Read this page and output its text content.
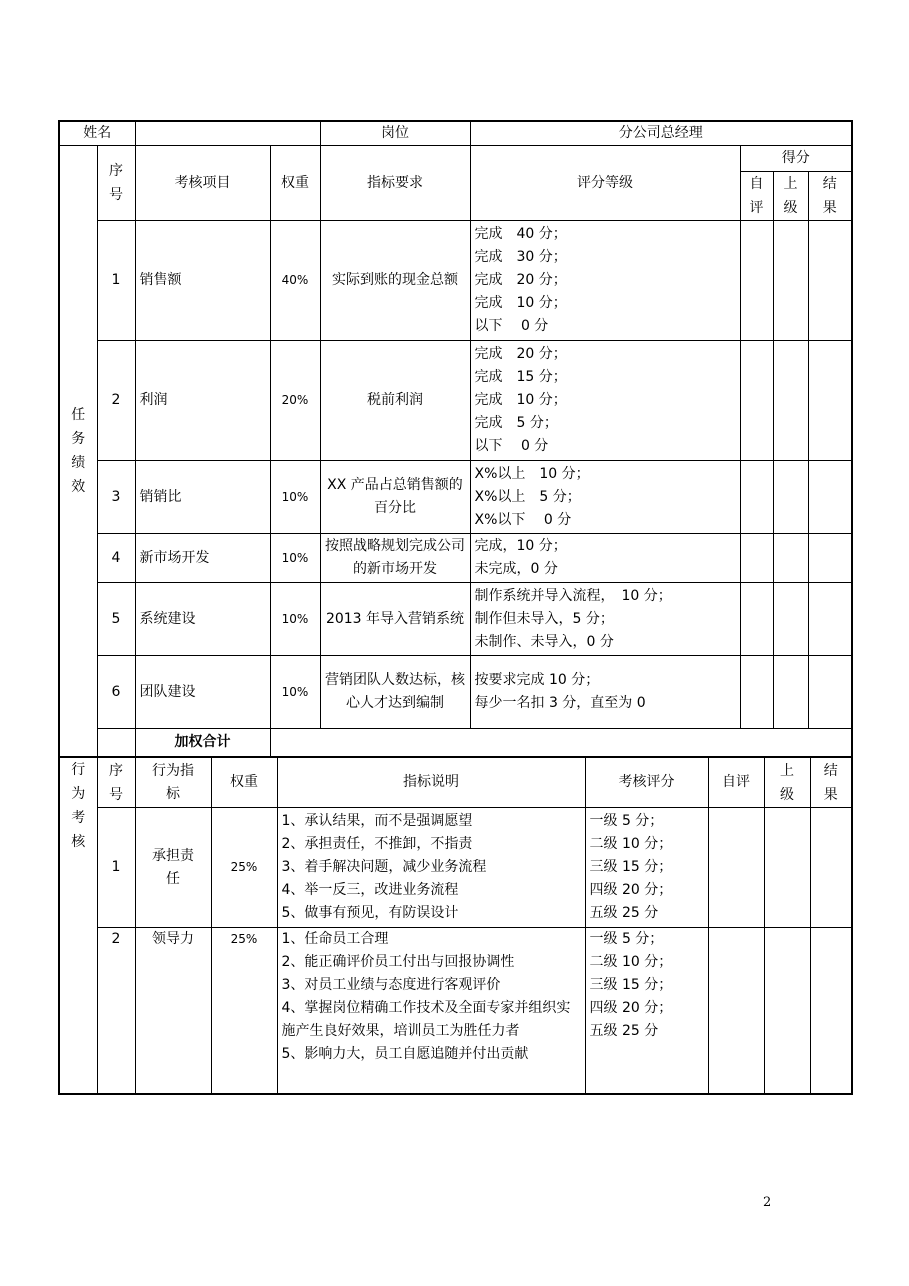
姓名				岗位	分公司总经理			
任务绩效	序号	考核项目	权重	指标要求	评分等级	得分		
						自评	上级	结果
	1	销售额	40%	实际到账的现金总额	完成　40 分；
完成　30 分；
完成　20 分；
完成　10 分；
以下　 0 分			

	2	利润	20%	税前利润	完成　20 分；
完成　15 分；
完成　10 分；
完成　5 分；
以下　 0 分			

	3	销销比	10%	XX 产品占总销售额的百分比	X%以上　10 分；
X%以上　5 分；
X%以下　 0 分			

	4	新市场开发	10%	按照战略规划完成公司的新市场开发	完成，10 分；
未完成，0 分			

	5	系统建设	10%	2013 年导入营销系统	制作系统并导入流程，　10 分；
制作但未导入，5 分；
未制作、未导入，0 分			

	6	团队建设	10%	营销团队人数达标，核心人才达到编制	按要求完成 10 分；
每少一名扣 3 分，直至为 0			

		加权合计						
行为考核	序号	行为指标	权重	指标说明	考核评分	自评	上级	结果
	1	承担责任	25%	1、承认结果，而不是强调愿望
2、承担责任，不推卸，不指责
3、着手解决问题，减少业务流程
4、举一反三，改进业务流程
5、做事有预见，有防误设计	一级 5 分；
二级 10 分；
三级 15 分；
四级 20 分；
五级 25 分			

	2	领导力	25%	1、任命员工合理
2、能正确评价员工付出与回报协调性
3、对员工业绩与态度进行客观评价
4、掌握岗位精确工作技术及全面专家并组织实施产生良好效果，培训员工为胜任力者
5、影响力大，员工自愿追随并付出贡献	一级 5 分；
二级 10 分；
三级 15 分；
四级 20 分；
五级 25 分			

2
